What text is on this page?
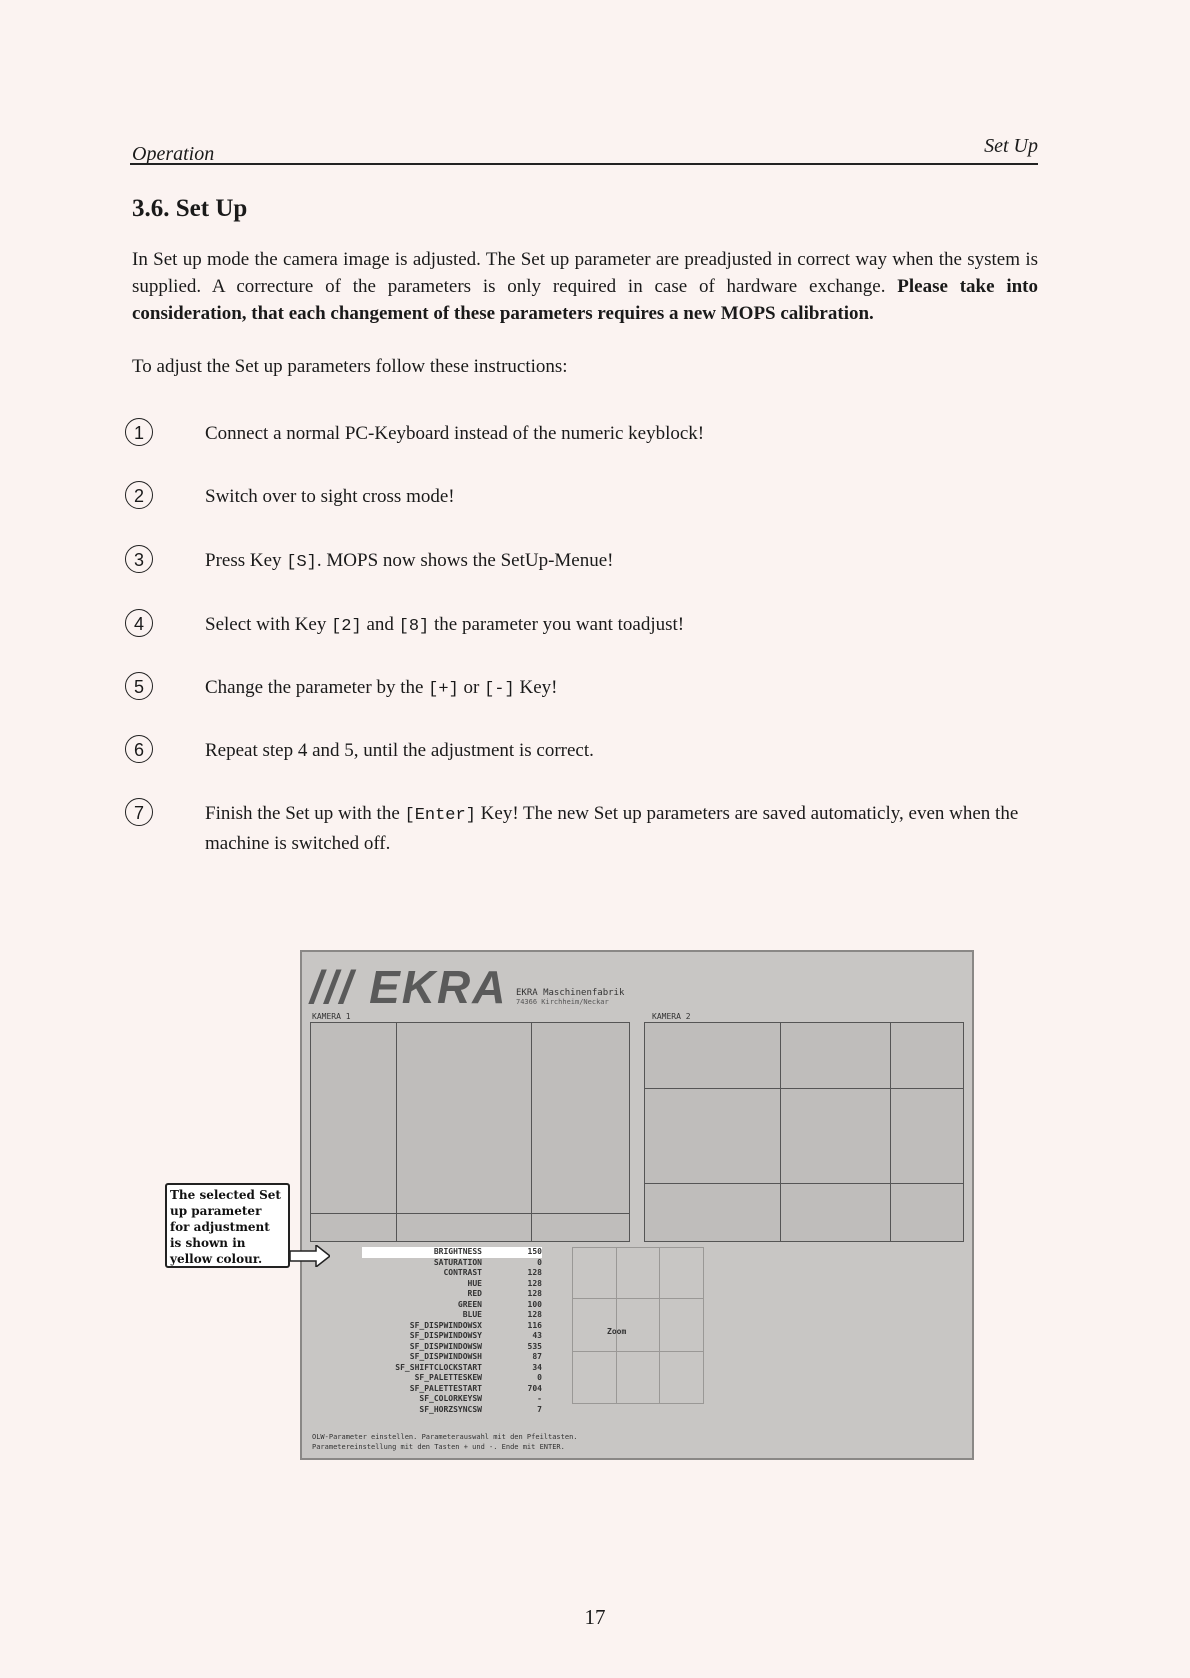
Operation	Set Up
3.6. Set Up

In Set up mode the camera image is adjusted. The Set up parameter are preadjusted in correct way when the system is supplied. A correcture of the parameters is only required in case of hardware exchange. Please take into consideration, that each changement of these parameters requires a new MOPS calibration.

To adjust the Set up parameters follow these instructions:

1	Connect a normal PC-Keyboard instead of the numeric keyblock!
2	Switch over to sight cross mode!
3	Press Key [S]. MOPS now shows the SetUp-Menue!
4	Select with Key [2] and [8] the parameter you want toadjust!
5	Change the parameter by the [+] or [-] Key!
6	Repeat step 4 and 5, until the adjustment is correct.
7	Finish the Set up with the [Enter] Key! The new Set up parameters are saved automaticly, even when the machine is switched off.
/// EKRA EKRA Maschinenfabrik
74366 Kirchheim/Neckar
KAMERA 1	KAMERA 2
BRIGHTNESS	150
SATURATION	0
CONTRAST	128
HUE	128
RED	128
GREEN	100
BLUE	128
SF_DISPWINDOWSX	116
SF_DISPWINDOWSY	43
SF_DISPWINDOWSW	535
SF_DISPWINDOWSH	87
SF_SHIFTCLOCKSTART	34
SF_PALETTESKEW	0
SF_PALETTESTART	704
SF_COLORKEYSW	-
SF_HORZSYNCSW	7
Zoom
OLW-Parameter einstellen. Parameterauswahl mit den Pfeiltasten.
Parametereinstellung mit den Tasten + und -. Ende mit ENTER.
The selected Set up parameter for adjustment is shown in yellow colour.
17
